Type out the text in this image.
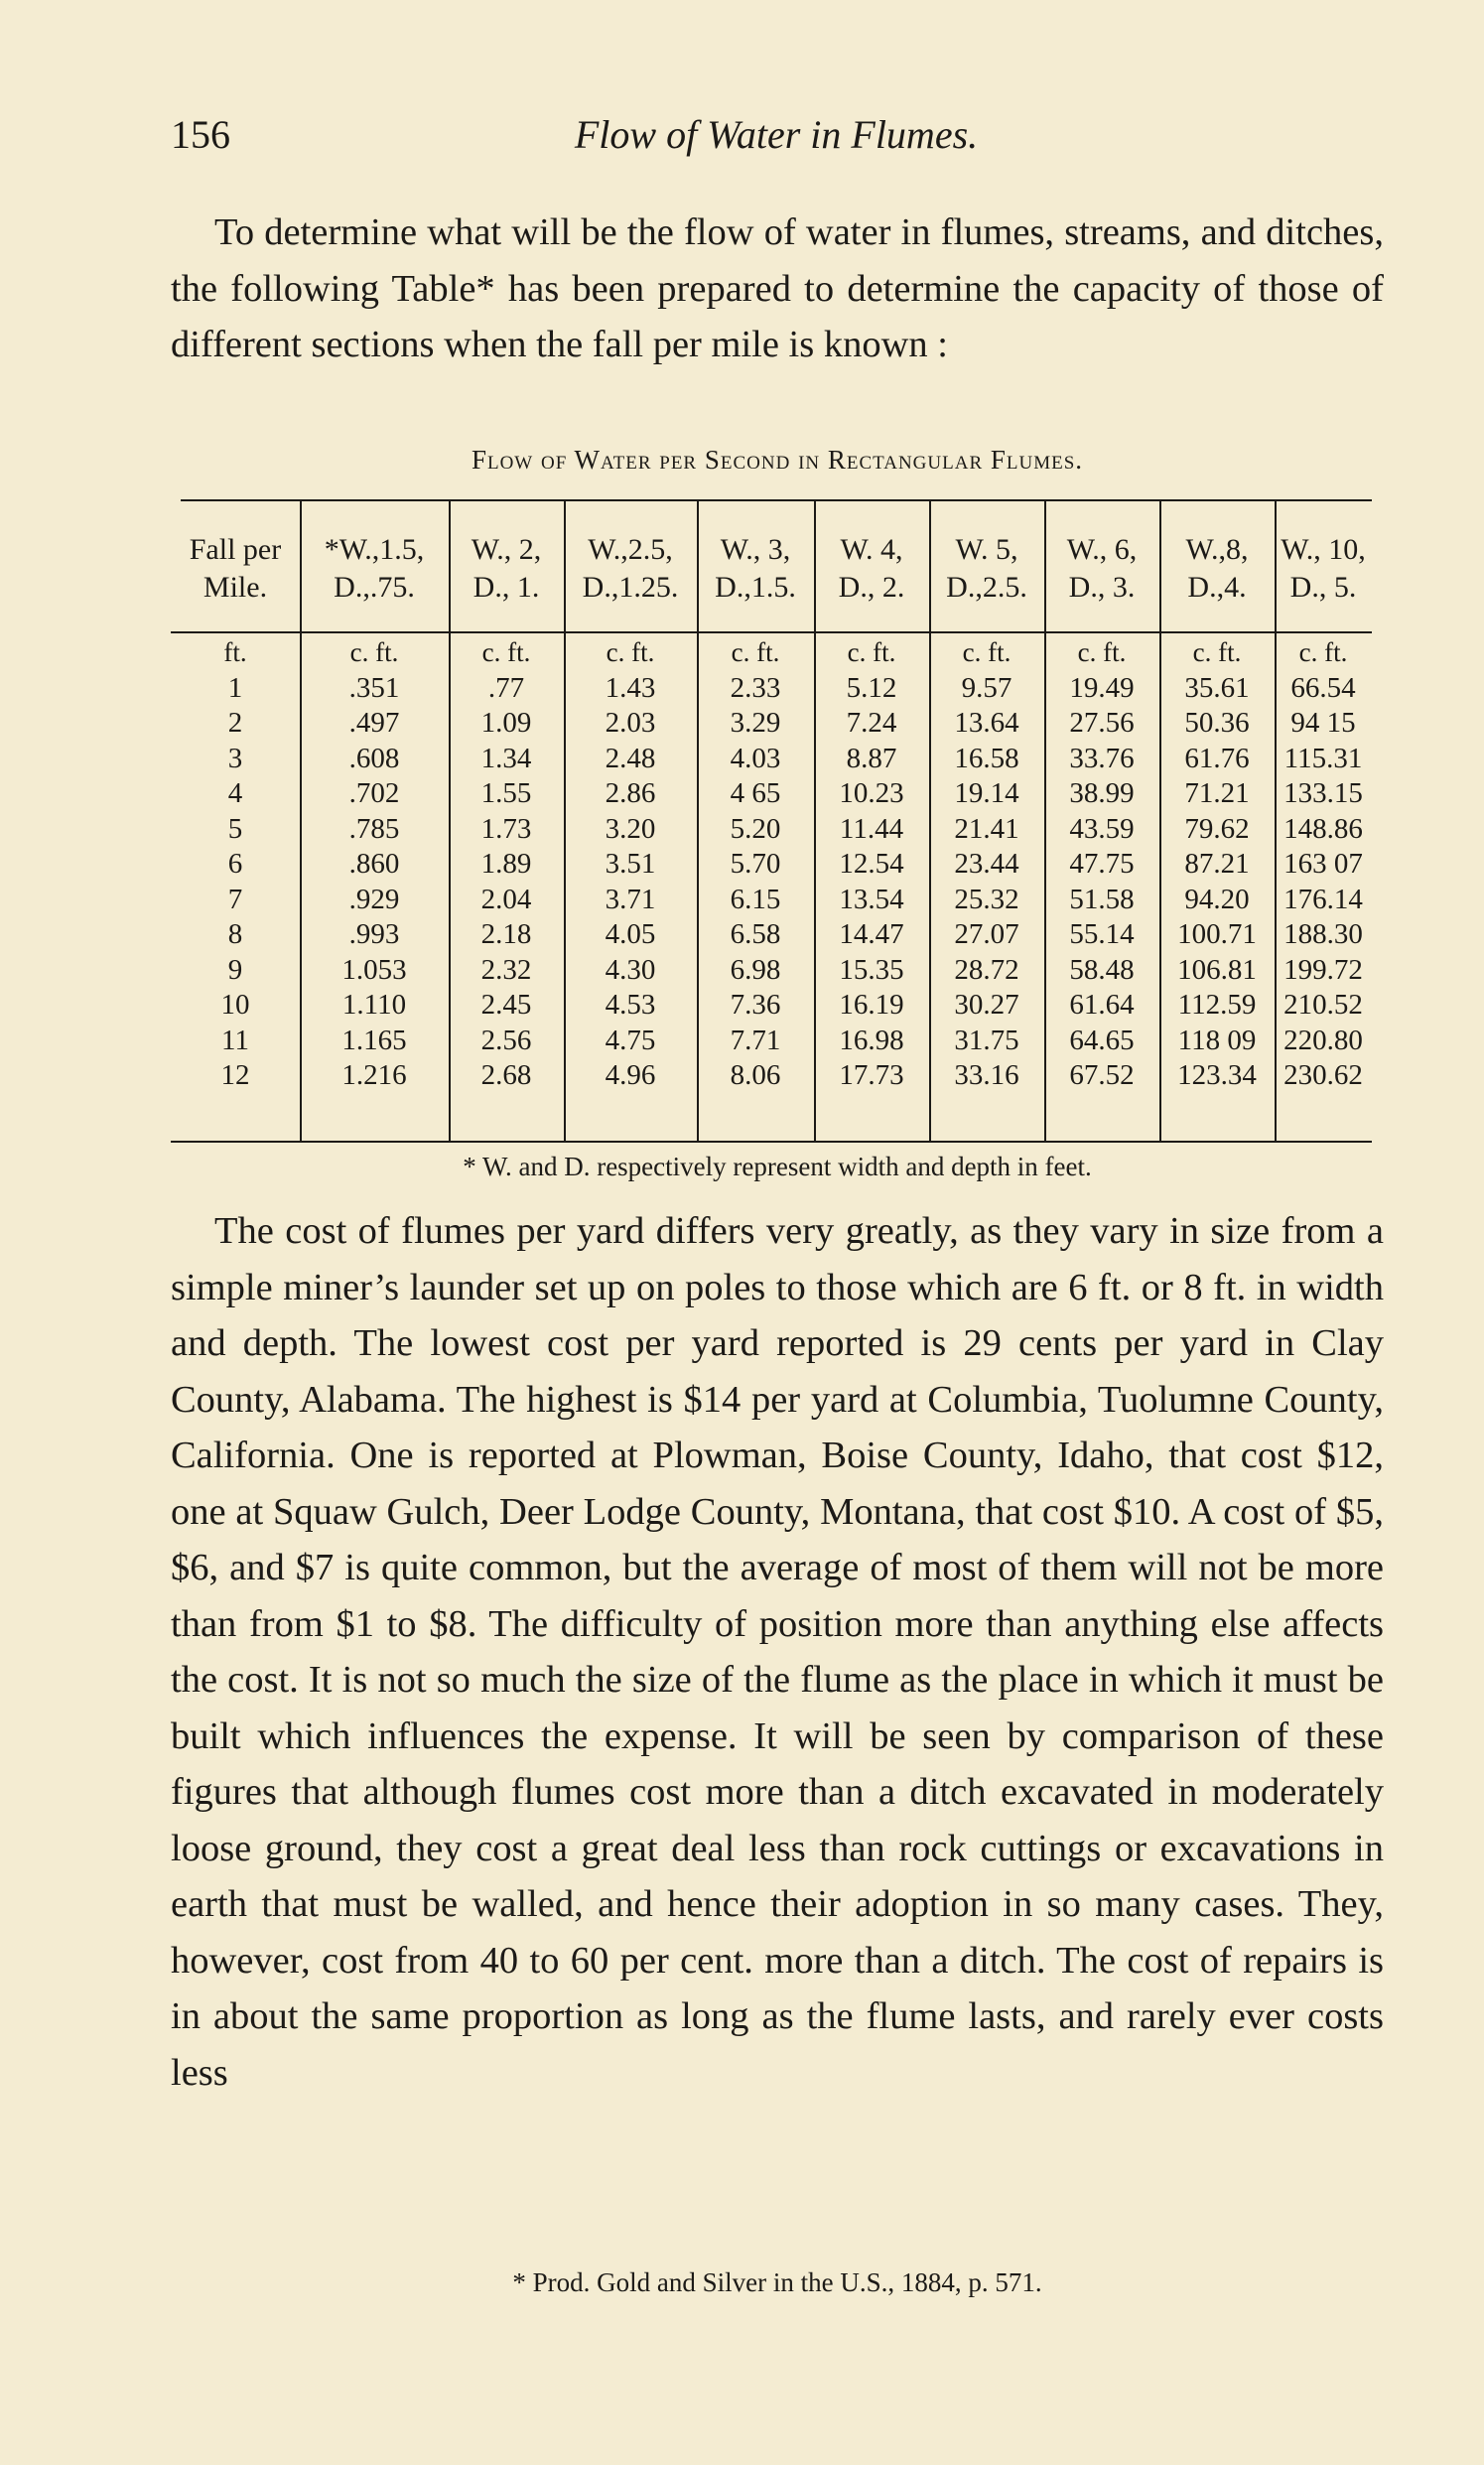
156	Flow of Water in Flumes.

To determine what will be the flow of water in flumes, streams, and ditches, the following Table* has been prepared to determine the capacity of those of different sections when the fall per mile is known :

Flow of Water per Second in Rectangular Flumes.
Fall per
Mile.
ft.
1
2
3
4
5
6
7
8
9
10
11
12
*W.,1.5,
D.,.75.
c. ft.
.351
.497
.608
.702
.785
.860
.929
.993
1.053
1.110
1.165
1.216
W., 2,
D., 1.
c. ft.
.77
1.09
1.34
1.55
1.73
1.89
2.04
2.18
2.32
2.45
2.56
2.68
W.,2.5,
D.,1.25.
c. ft.
1.43
2.03
2.48
2.86
3.20
3.51
3.71
4.05
4.30
4.53
4.75
4.96
W., 3,
D.,1.5.
c. ft.
2.33
3.29
4.03
4 65
5.20
5.70
6.15
6.58
6.98
7.36
7.71
8.06
W. 4,
D., 2.
c. ft.
5.12
7.24
8.87
10.23
11.44
12.54
13.54
14.47
15.35
16.19
16.98
17.73
W. 5,
D.,2.5.
c. ft.
9.57
13.64
16.58
19.14
21.41
23.44
25.32
27.07
28.72
30.27
31.75
33.16
W., 6,
D., 3.
c. ft.
19.49
27.56
33.76
38.99
43.59
47.75
51.58
55.14
58.48
61.64
64.65
67.52
W.,8,
D.,4.
c. ft.
35.61
50.36
61.76
71.21
79.62
87.21
94.20
100.71
106.81
112.59
118 09
123.34
W., 10,
D., 5.
c. ft.
66.54
94 15
115.31
133.15
148.86
163 07
176.14
188.30
199.72
210.52
220.80
230.62
* W. and D. respectively represent width and depth in feet.

The cost of flumes per yard differs very greatly, as they vary in size from a simple miner’s launder set up on poles to those which are 6 ft. or 8 ft. in width and depth. The lowest cost per yard reported is 29 cents per yard in Clay County, Alabama. The highest is $14 per yard at Columbia, Tuolumne County, California. One is reported at Plowman, Boise County, Idaho, that cost $12, one at Squaw Gulch, Deer Lodge County, Montana, that cost $10. A cost of $5, $6, and $7 is quite common, but the average of most of them will not be more than from $1 to $8. The difficulty of position more than anything else affects the cost. It is not so much the size of the flume as the place in which it must be built which influences the expense. It will be seen by comparison of these figures that although flumes cost more than a ditch excavated in moderately loose ground, they cost a great deal less than rock cuttings or excavations in earth that must be walled, and hence their adoption in so many cases. They, however, cost from 40 to 60 per cent. more than a ditch. The cost of repairs is in about the same proportion as long as the flume lasts, and rarely ever costs less

* Prod. Gold and Silver in the U.S., 1884, p. 571.
